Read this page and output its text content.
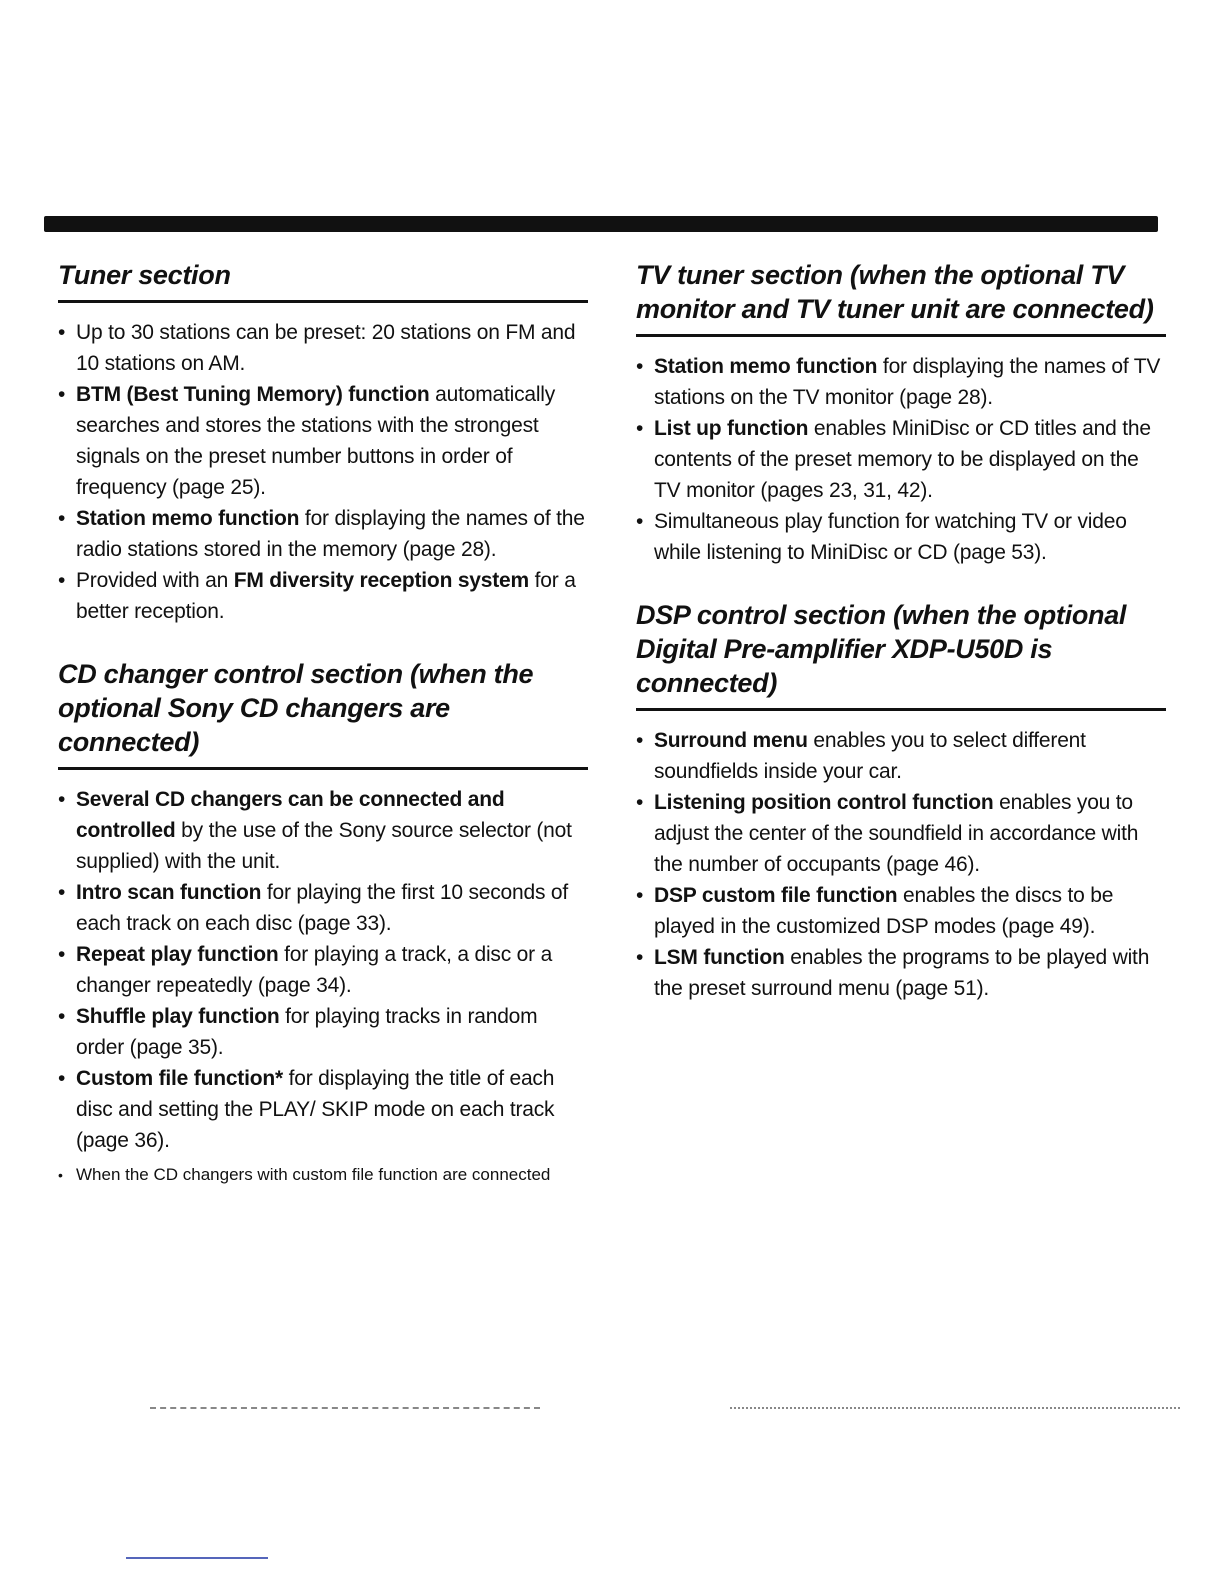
Tuner section
• Up to 30 stations can be preset: 20 stations on FM and 10 stations on AM.
• BTM (Best Tuning Memory) function automatically searches and stores the stations with the strongest signals on the preset number buttons in order of frequency (page 25).
• Station memo function for displaying the names of the radio stations stored in the memory (page 28).
• Provided with an FM diversity reception system for a better reception.
CD changer control section (when the optional Sony CD changers are connected)
• Several CD changers can be connected and controlled by the use of the Sony source selector (not supplied) with the unit.
• Intro scan function for playing the first 10 seconds of each track on each disc (page 33).
• Repeat play function for playing a track, a disc or a changer repeatedly (page 34).
• Shuffle play function for playing tracks in random order (page 35).
• Custom file function* for displaying the title of each disc and setting the PLAY/ SKIP mode on each track (page 36).
• When the CD changers with custom file function are connected
TV tuner section (when the optional TV monitor and TV tuner unit are connected)
• Station memo function for displaying the names of TV stations on the TV monitor (page 28).
• List up function enables MiniDisc or CD titles and the contents of the preset memory to be displayed on the TV monitor (pages 23, 31, 42).
• Simultaneous play function for watching TV or video while listening to MiniDisc or CD (page 53).
DSP control section (when the optional Digital Pre-amplifier XDP-U50D is connected)
• Surround menu enables you to select different soundfields inside your car.
• Listening position control function enables you to adjust the center of the soundfield in accordance with the number of occupants (page 46).
• DSP custom file function enables the discs to be played in the customized DSP modes (page 49).
• LSM function enables the programs to be played with the preset surround menu (page 51).
